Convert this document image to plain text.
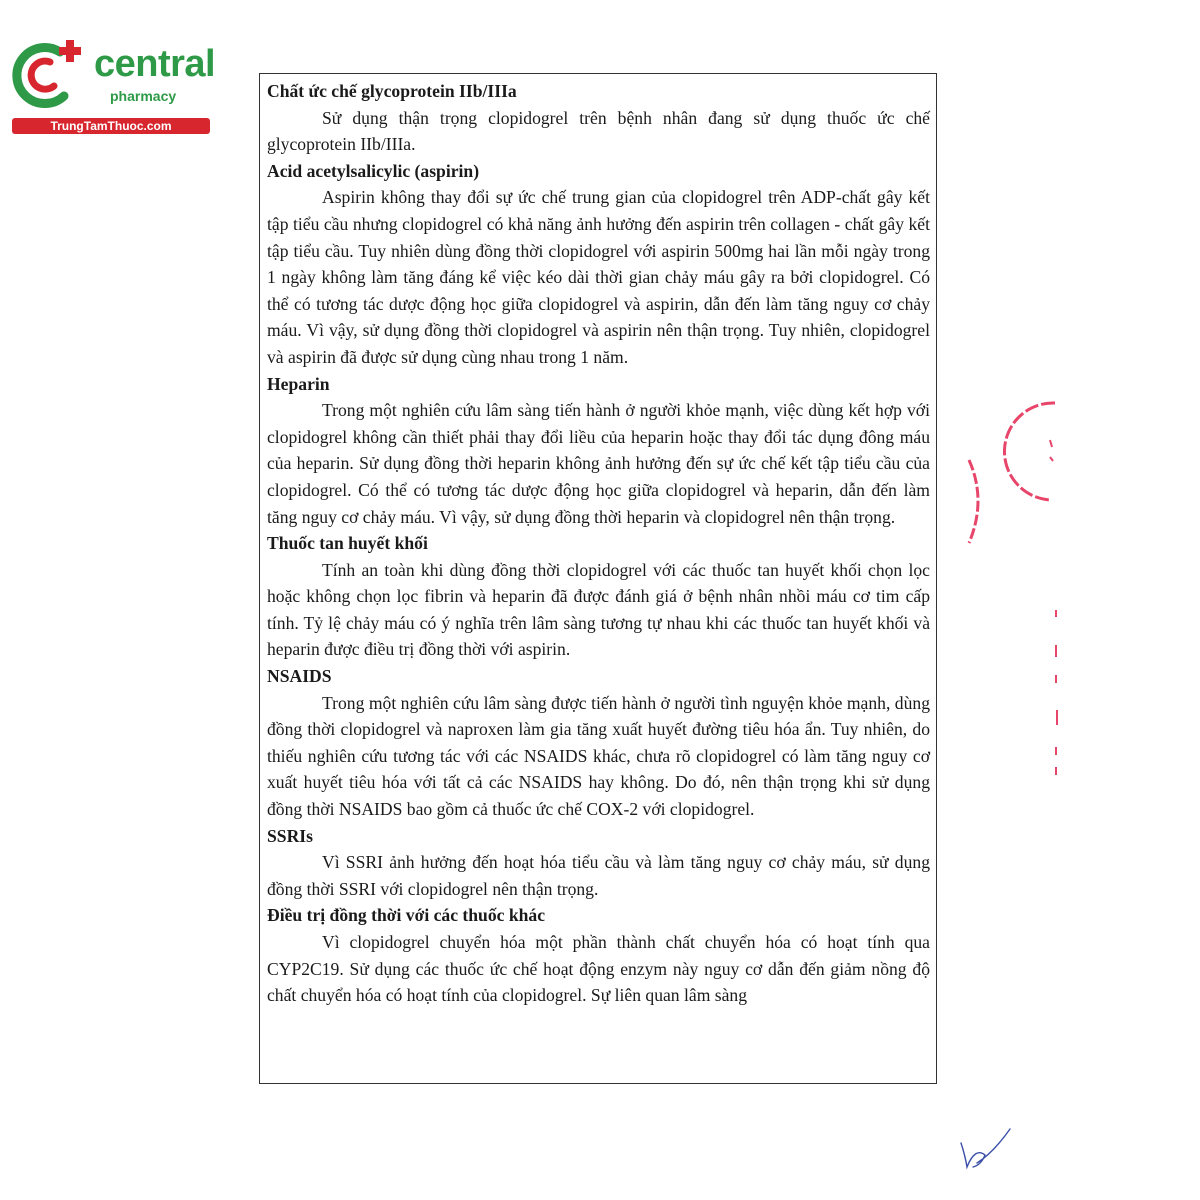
central
pharmacy
TrungTamThuoc.com
Chất ức chế glycoprotein IIb/IIIa

Sử dụng thận trọng clopidogrel trên bệnh nhân đang sử dụng thuốc ức chế glycoprotein IIb/IIIa.

Acid acetylsalicylic (aspirin)

Aspirin không thay đổi sự ức chế trung gian của clopidogrel trên ADP-chất gây kết tập tiểu cầu nhưng clopidogrel có khả năng ảnh hưởng đến aspirin trên collagen - chất gây kết tập tiểu cầu. Tuy nhiên dùng đồng thời clopidogrel với aspirin 500mg hai lần mỗi ngày trong 1 ngày không làm tăng đáng kể việc kéo dài thời gian chảy máu gây ra bởi clopidogrel. Có thể có tương tác dược động học giữa clopidogrel và aspirin, dẫn đến làm tăng nguy cơ chảy máu. Vì vậy, sử dụng đồng thời clopidogrel và aspirin nên thận trọng. Tuy nhiên, clopidogrel và aspirin đã được sử dụng cùng nhau trong 1 năm.

Heparin

Trong một nghiên cứu lâm sàng tiến hành ở người khỏe mạnh, việc dùng kết hợp với clopidogrel không cần thiết phải thay đổi liều của heparin hoặc thay đổi tác dụng đông máu của heparin. Sử dụng đồng thời heparin không ảnh hưởng đến sự ức chế kết tập tiểu cầu của clopidogrel. Có thể có tương tác dược động học giữa clopidogrel và heparin, dẫn đến làm tăng nguy cơ chảy máu. Vì vậy, sử dụng đồng thời heparin và clopidogrel nên thận trọng.

Thuốc tan huyết khối

Tính an toàn khi dùng đồng thời clopidogrel với các thuốc tan huyết khối chọn lọc hoặc không chọn lọc fibrin và heparin đã được đánh giá ở bệnh nhân nhồi máu cơ tim cấp tính. Tỷ lệ chảy máu có ý nghĩa trên lâm sàng tương tự nhau khi các thuốc tan huyết khối và heparin được điều trị đồng thời với aspirin.

NSAIDS

Trong một nghiên cứu lâm sàng được tiến hành ở người tình nguyện khỏe mạnh, dùng đồng thời clopidogrel và naproxen làm gia tăng xuất huyết đường tiêu hóa ẩn. Tuy nhiên, do thiếu nghiên cứu tương tác với các NSAIDS khác, chưa rõ clopidogrel có làm tăng nguy cơ xuất huyết tiêu hóa với tất cả các NSAIDS hay không. Do đó, nên thận trọng khi sử dụng đồng thời NSAIDS bao gồm cả thuốc ức chế COX-2 với clopidogrel.

SSRIs

Vì SSRI ảnh hưởng đến hoạt hóa tiểu cầu và làm tăng nguy cơ chảy máu, sử dụng đồng thời SSRI với clopidogrel nên thận trọng.

Điều trị đồng thời với các thuốc khác

Vì clopidogrel chuyển hóa một phần thành chất chuyển hóa có hoạt tính qua CYP2C19. Sử dụng các thuốc ức chế hoạt động enzym này nguy cơ dẫn đến giảm nồng độ chất chuyển hóa có hoạt tính của clopidogrel. Sự liên quan lâm sàng
